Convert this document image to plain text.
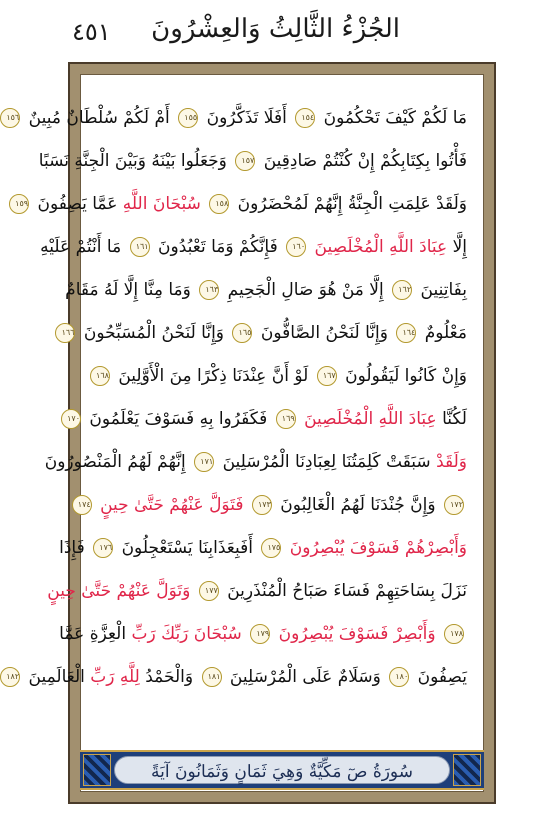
٤٥١ الجُزْءُ الثَّالِثُ وَالعِشْرُونَ
مَا لَكُمْ كَيْفَ تَحْكُمُونَ ١٥٤ أَفَلَا تَذَكَّرُونَ ١٥٥ أَمْ لَكُمْ سُلْطَانٌ مُبِينٌ ١٥٦
فَأْتُوا بِكِتَابِكُمْ إِنْ كُنْتُمْ صَادِقِينَ ١٥٧ وَجَعَلُوا بَيْنَهُ وَبَيْنَ الْجِنَّةِ نَسَبًا
وَلَقَدْ عَلِمَتِ الْجِنَّةُ إِنَّهُمْ لَمُحْضَرُونَ ١٥٨ سُبْحَانَ اللَّهِ عَمَّا يَصِفُونَ ١٥٩
إِلَّا عِبَادَ اللَّهِ الْمُخْلَصِينَ ١٦٠ فَإِنَّكُمْ وَمَا تَعْبُدُونَ ١٦١ مَا أَنْتُمْ عَلَيْهِ
بِفَاتِنِينَ ١٦٢ إِلَّا مَنْ هُوَ صَالِ الْجَحِيمِ ١٦٣ وَمَا مِنَّا إِلَّا لَهُ مَقَامٌ
مَعْلُومٌ ١٦٤ وَإِنَّا لَنَحْنُ الصَّافُّونَ ١٦٥ وَإِنَّا لَنَحْنُ الْمُسَبِّحُونَ ١٦٦
وَإِنْ كَانُوا لَيَقُولُونَ ١٦٧ لَوْ أَنَّ عِنْدَنَا ذِكْرًا مِنَ الْأَوَّلِينَ ١٦٨
لَكُنَّا عِبَادَ اللَّهِ الْمُخْلَصِينَ ١٦٩ فَكَفَرُوا بِهِ فَسَوْفَ يَعْلَمُونَ ١٧٠
وَلَقَدْ سَبَقَتْ كَلِمَتُنَا لِعِبَادِنَا الْمُرْسَلِينَ ١٧١ إِنَّهُمْ لَهُمُ الْمَنْصُورُونَ
١٧٢ وَإِنَّ جُنْدَنَا لَهُمُ الْغَالِبُونَ ١٧٣ فَتَوَلَّ عَنْهُمْ حَتَّىٰ حِينٍ ١٧٤
وَأَبْصِرْهُمْ فَسَوْفَ يُبْصِرُونَ ١٧٥ أَفَبِعَذَابِنَا يَسْتَعْجِلُونَ ١٧٦ فَإِذَا
نَزَلَ بِسَاحَتِهِمْ فَسَاءَ صَبَاحُ الْمُنْذَرِينَ ١٧٧ وَتَوَلَّ عَنْهُمْ حَتَّىٰ حِينٍ
١٧٨ وَأَبْصِرْ فَسَوْفَ يُبْصِرُونَ ١٧٩ سُبْحَانَ رَبِّكَ رَبِّ الْعِزَّةِ عَمَّا
يَصِفُونَ ١٨٠ وَسَلَامٌ عَلَى الْمُرْسَلِينَ ١٨١ وَالْحَمْدُ لِلَّهِ رَبِّ الْعَالَمِينَ ١٨٢
سُورَةُ صٓ مَكِّيَّةٌ وَهِيَ ثَمَانٍ وَثَمَانُونَ آيَةً
